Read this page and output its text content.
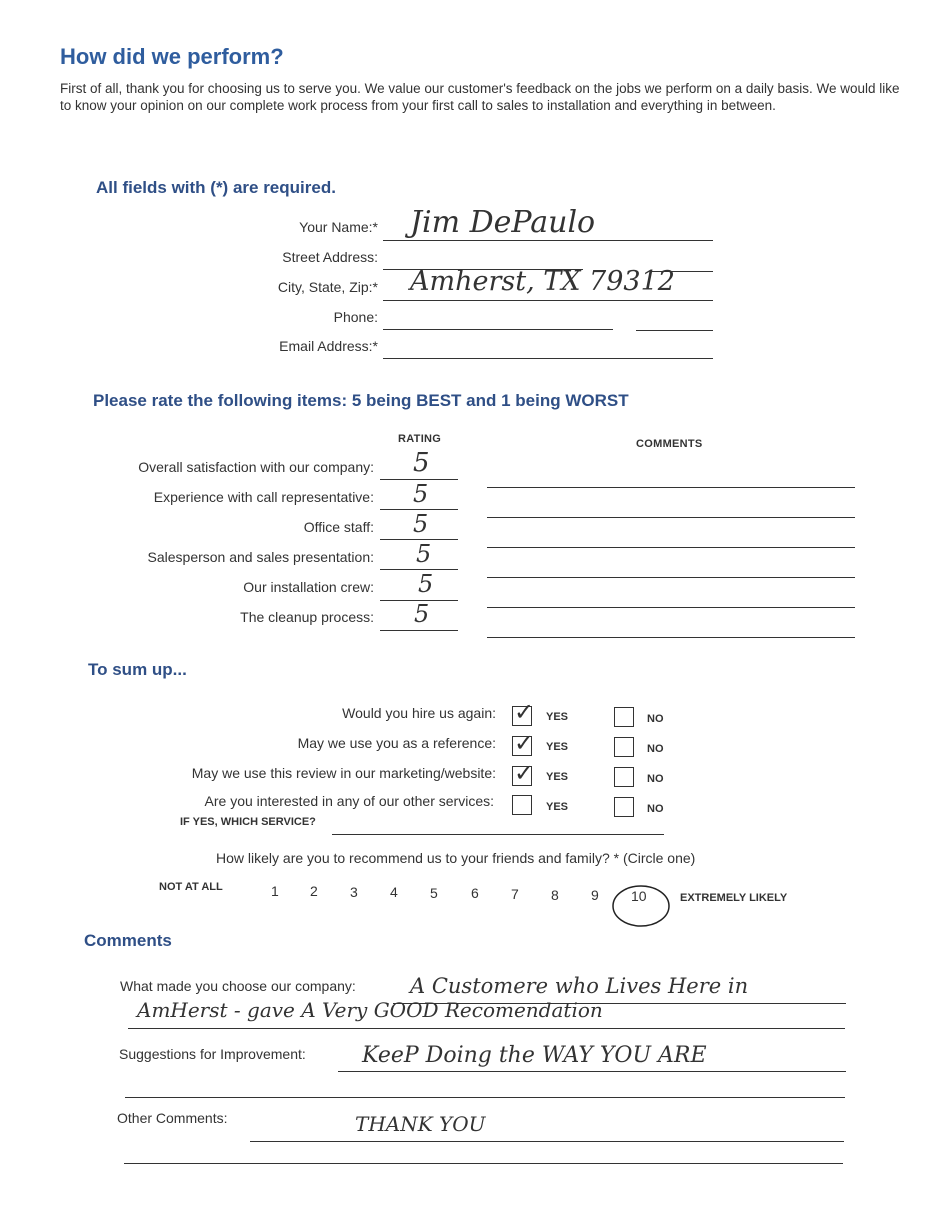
How did we perform?
First of all, thank you for choosing us to serve you. We value our customer's feedback on the jobs we perform on a daily basis. We would like to know your opinion on our complete work process from your first call to sales to installation and everything in between.
All fields with (*) are required.
Your Name:* Jim DePaulo
Street Address:
City, State, Zip:* Amherst, TX 79312
Phone:
Email Address:*
Please rate the following items: 5 being BEST and 1 being WORST
RATING	COMMENTS
Overall satisfaction with our company: 5
Experience with call representative: 5
Office staff: 5
Salesperson and sales presentation: 5
Our installation crew: 5
The cleanup process: 5
To sum up...
Would you hire us again: ✓ YES	NO
May we use you as a reference: ✓ YES	NO
May we use this review in our marketing/website: ✓ YES	NO
Are you interested in any of our other services:	YES	NO
IF YES, WHICH SERVICE?
How likely are you to recommend us to your friends and family? * (Circle one)
NOT AT ALL	1 2 3 4 5 6 7 8 9 10	EXTREMELY LIKELY
Comments
What made you choose our company:	A Customere who Lives Here in
AmHerst - gave A Very GOOD Recomendation
Suggestions for Improvement:	KeeP Doing the WAY YOU ARE
Other Comments:	THANK YOU
